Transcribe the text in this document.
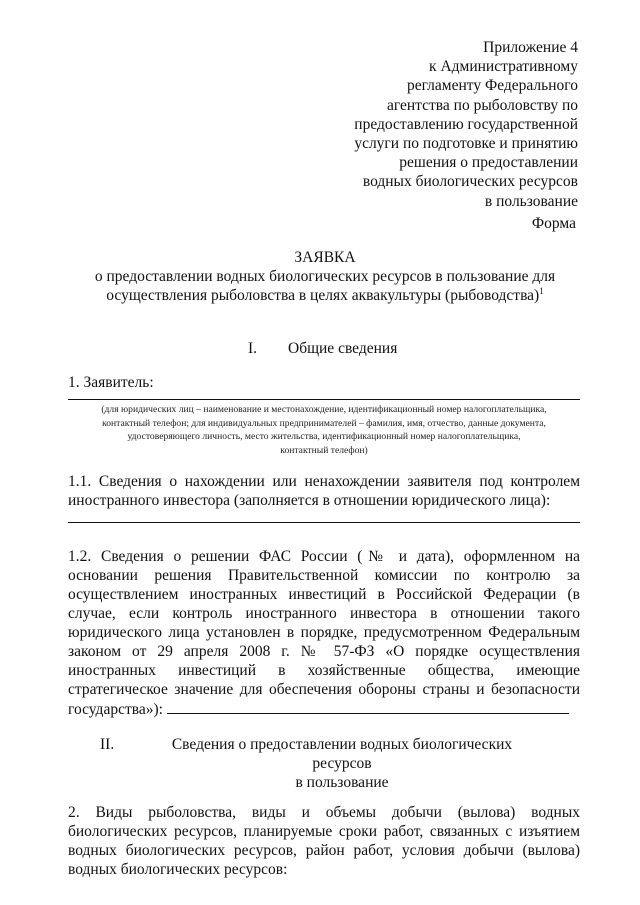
Приложение 4
к Административному
регламенту Федерального
агентства по рыболовству по
предоставлению государственной
услуги по подготовке и принятию
решения о предоставлении
водных биологических ресурсов
в пользование
Форма
ЗАЯВКА
о предоставлении водных биологических ресурсов в пользование для
осуществления рыболовства в целях аквакультуры (рыбоводства)$^1$
I. Общие сведения
1. Заявитель:
(для юридических лиц – наименование и местонахождение, идентификационный номер налогоплательщика,
контактный телефон; для индивидуальных предпринимателей – фамилия, имя, отчество, данные документа,
удостоверяющего личность, место жительства, идентификационный номер налогоплательщика,
контактный телефон)
1.1. Сведения о нахождении или ненахождении заявителя под контролем иностранного инвестора (заполняется в отношении юридического лица):
1.2. Сведения о решении ФАС России (№ и дата), оформленном на основании решения Правительственной комиссии по контролю за осуществлением иностранных инвестиций в Российской Федерации (в случае, если контроль иностранного инвестора в отношении такого юридического лица установлен в порядке, предусмотренном Федеральным законом от 29 апреля 2008 г. № 57-ФЗ «О порядке осуществления иностранных инвестиций в хозяйственные общества, имеющие стратегическое значение для обеспечения обороны страны и безопасности государства»):
II.	Сведения о предоставлении водных биологических ресурсов
в пользование
2. Виды рыболовства, виды и объемы добычи (вылова) водных биологических ресурсов, планируемые сроки работ, связанных с изъятием водных биологических ресурсов, район работ, условия добычи (вылова) водных биологических ресурсов:
